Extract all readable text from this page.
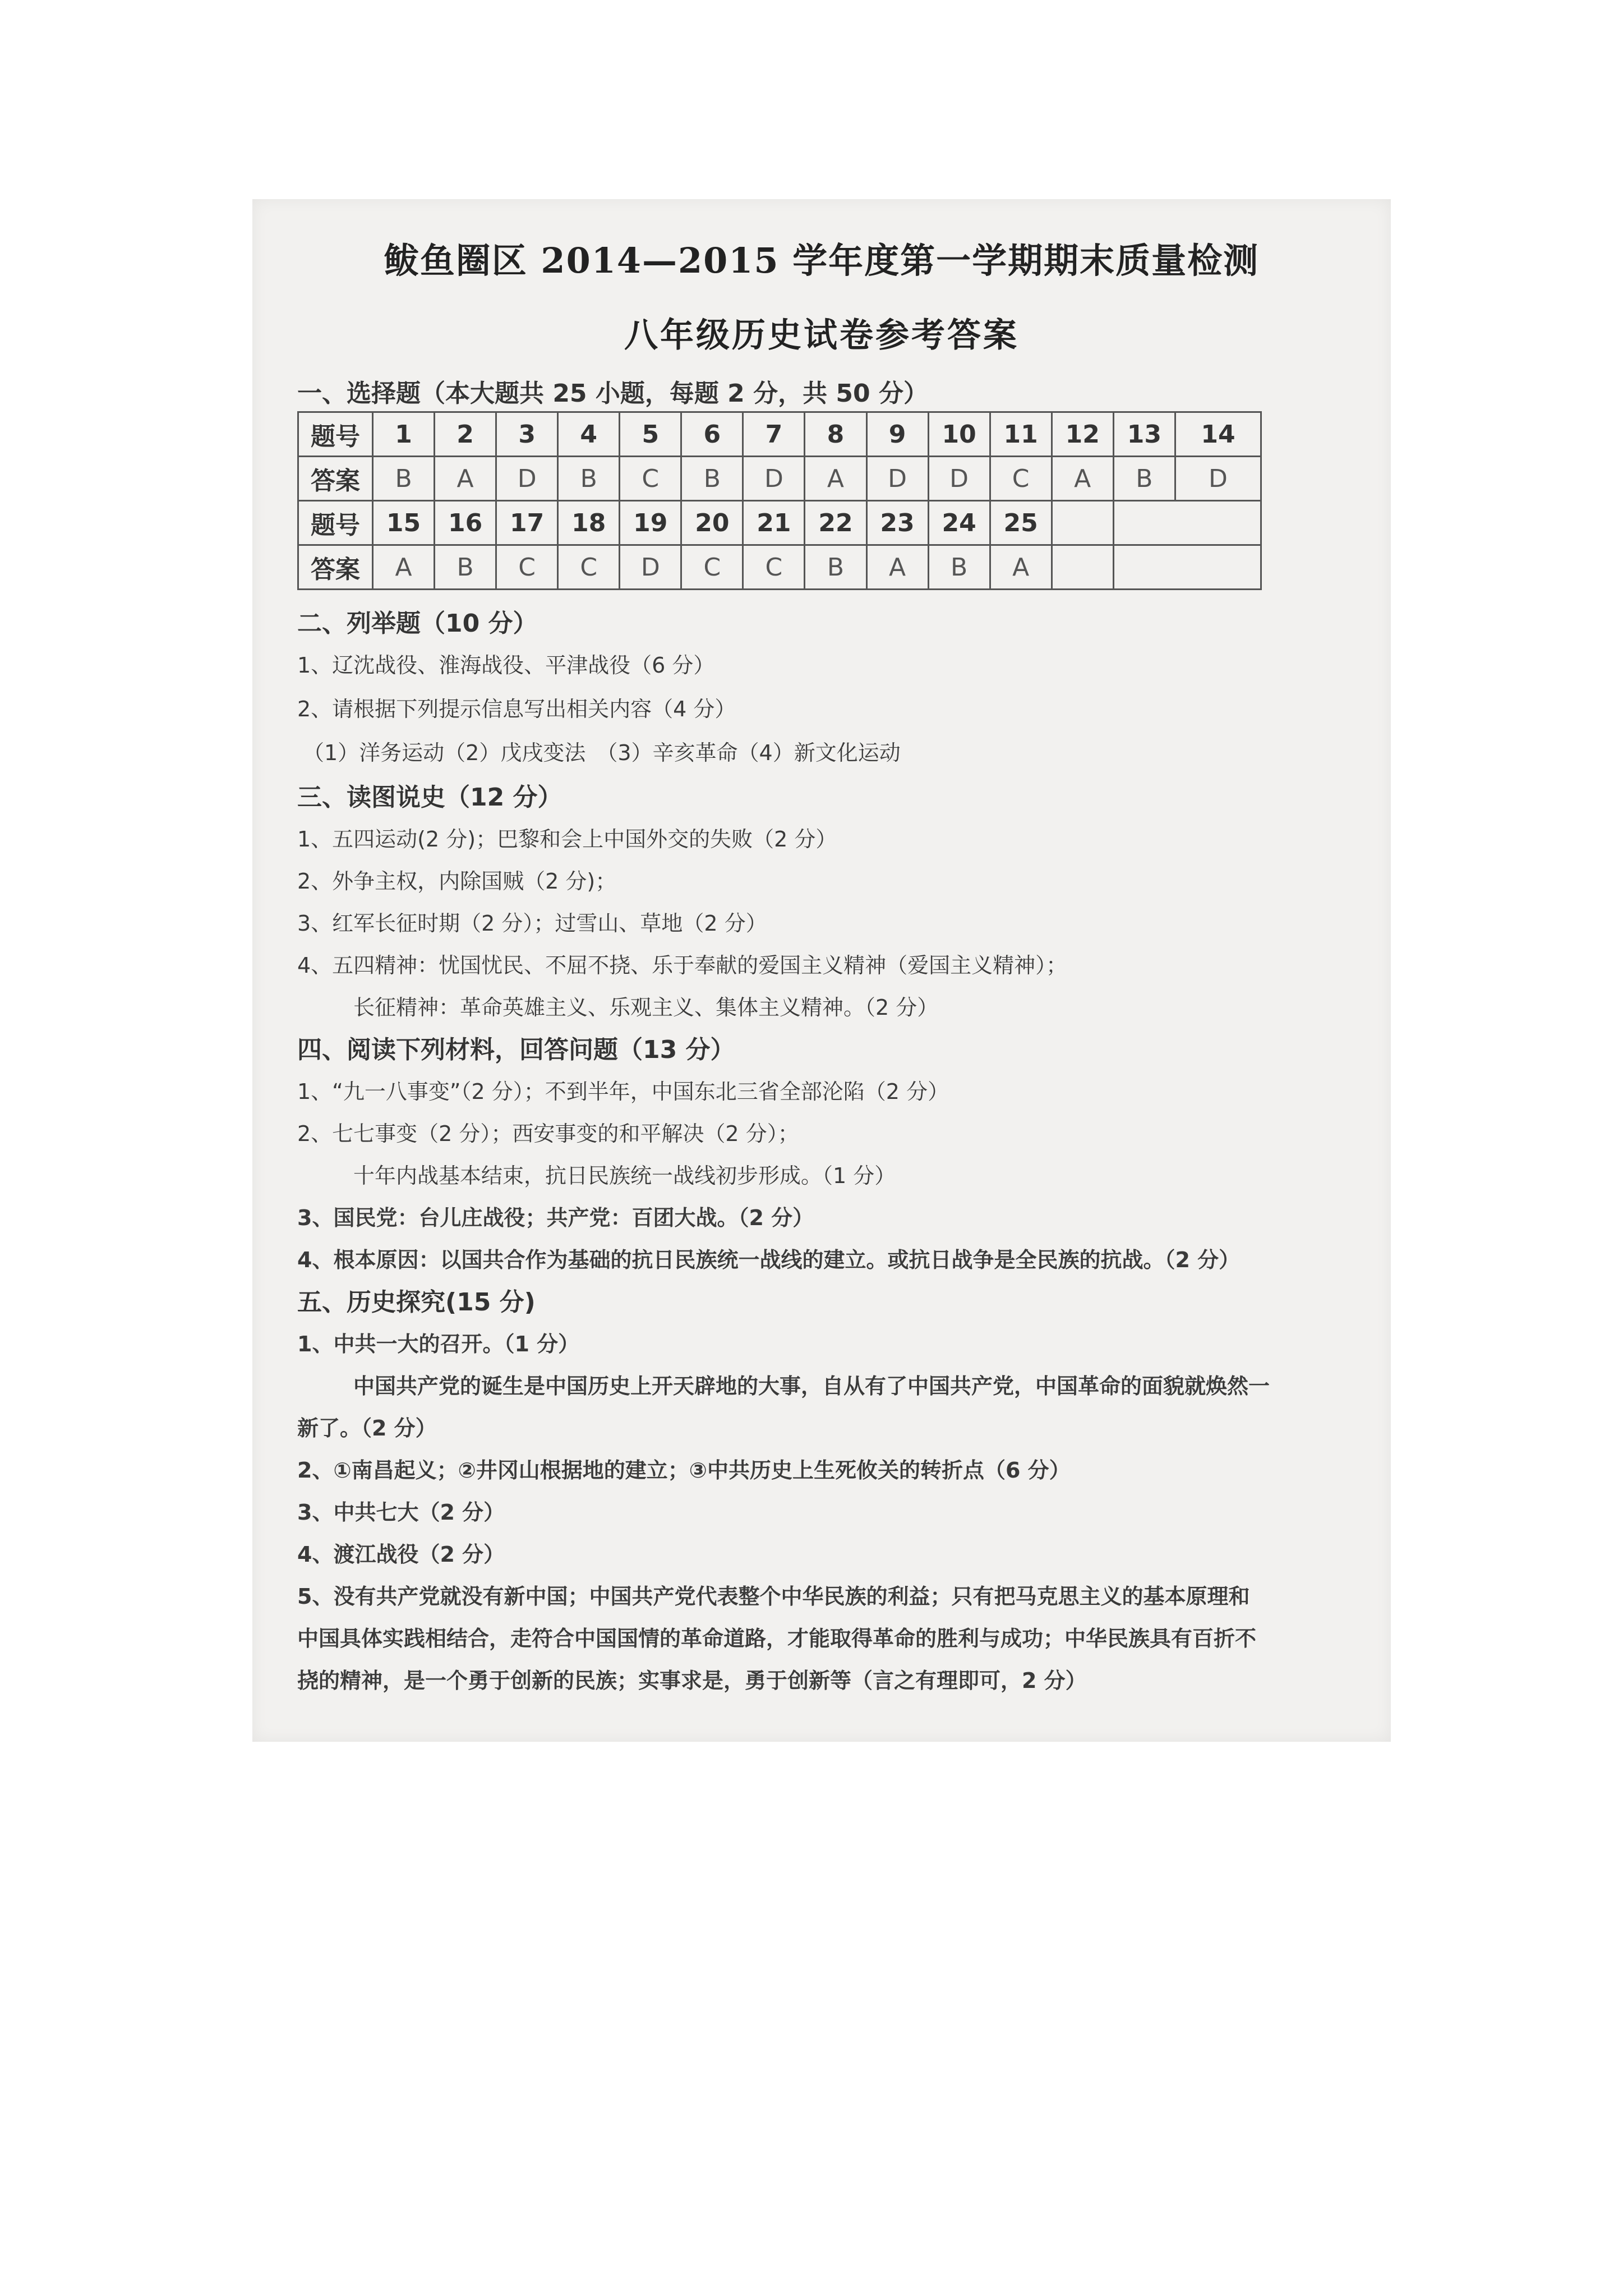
鲅鱼圈区 2014—2015 学年度第一学期期末质量检测
八年级历史试卷参考答案
一、选择题（本大题共 25 小题，每题 2 分，共 50 分）
题号	1	2	3	4	5	6	7	8	9	10	11	12	13	14
答案	B	A	D	B	C	B	D	A	D	D	C	A	B	D
题号	15	16	17	18	19	20	21	22	23	24	25			
答案	A	B	C	C	D	C	C	B	A	B	A			
二、列举题（10 分）
1、辽沈战役、淮海战役、平津战役（6 分）
2、请根据下列提示信息写出相关内容（4 分）
（1）洋务运动（2）戊戌变法　（3）辛亥革命（4）新文化运动
三、读图说史（12 分）
1、五四运动(2 分)；巴黎和会上中国外交的失败（2 分）
2、外争主权，内除国贼（2 分)；
3、红军长征时期（2 分）；过雪山、草地（2 分）
4、五四精神：忧国忧民、不屈不挠、乐于奉献的爱国主义精神（爱国主义精神）；
长征精神：革命英雄主义、乐观主义、集体主义精神。（2 分）
四、阅读下列材料，回答问题（13 分）
1、“九一八事变”（2 分）；不到半年，中国东北三省全部沦陷（2 分）
2、七七事变（2 分）；西安事变的和平解决（2 分）；
十年内战基本结束，抗日民族统一战线初步形成。（1 分）
3、国民党：台儿庄战役；共产党：百团大战。（2 分）
4、根本原因：以国共合作为基础的抗日民族统一战线的建立。或抗日战争是全民族的抗战。（2 分）
五、历史探究(15 分)
1、中共一大的召开。（1 分）
中国共产党的诞生是中国历史上开天辟地的大事，自从有了中国共产党，中国革命的面貌就焕然一
新了。（2 分）
2、①南昌起义；②井冈山根据地的建立；③中共历史上生死攸关的转折点（6 分）
3、中共七大（2 分）
4、渡江战役（2 分）
5、没有共产党就没有新中国；中国共产党代表整个中华民族的利益；只有把马克思主义的基本原理和
中国具体实践相结合，走符合中国国情的革命道路，才能取得革命的胜利与成功；中华民族具有百折不
挠的精神，是一个勇于创新的民族；实事求是，勇于创新等（言之有理即可，2 分）
